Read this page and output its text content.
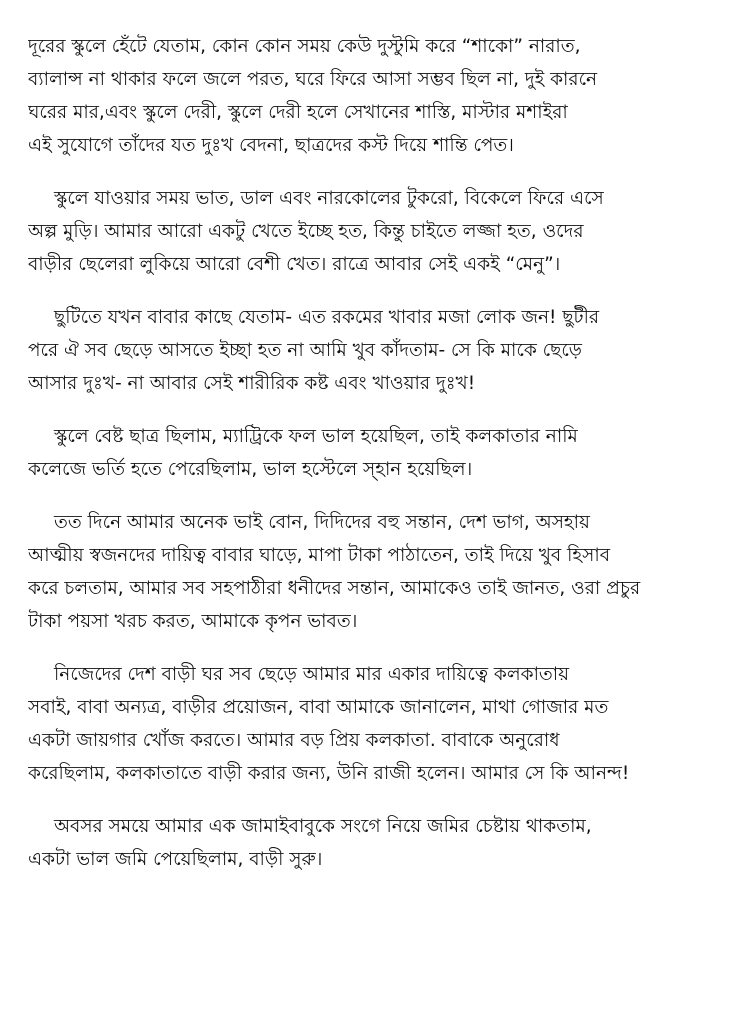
দূরের স্কুলে হেঁটে যেতাম, কোন কোন সময় কেউ দুস্টুমি করে “শাকো” নারাত,
ব্যালান্স না থাকার ফলে জলে পরত, ঘরে ফিরে আসা সম্ভব ছিল না, দুই কারনে
ঘরের মার,এবং স্কুলে দেরী, স্কুলে দেরী হলে সেখানের শাস্তি, মাস্টার মশাইরা
এই সুযোগে তাঁদের যত দুঃখ বেদনা, ছাত্রদের কস্ট দিয়ে শান্তি পেত।
স্কুলে যাওয়ার সময় ভাত, ডাল এবং নারকোলের টুকরো, বিকেলে ফিরে এসে
অল্প মুড়ি। আমার আরো একটু খেতে ইচ্ছে হত, কিন্তু চাইতে লজ্জা হত, ওদের
বাড়ীর ছেলেরা লুকিয়ে আরো বেশী খেত। রাত্রে আবার সেই একই “মেনু”।
ছুটিতে যখন বাবার কাছে যেতাম- এত রকমের খাবার মজা লোক জন! ছুটীর
পরে ঐ সব ছেড়ে আসতে ইচ্ছা হত না আমি খুব কাঁদতাম- সে কি মাকে ছেড়ে
আসার দুঃখ- না আবার সেই শারীরিক কষ্ট এবং খাওয়ার দুঃখ!
স্কুলে বেষ্ট ছাত্র ছিলাম, ম্যাট্রিকে ফল ভাল হয়েছিল, তাই কলকাতার নামি
কলেজে ভর্তি হতে পেরেছিলাম, ভাল হস্টেলে স্হান হয়েছিল।
তত দিনে আমার অনেক ভাই বোন, দিদিদের বহু সন্তান, দেশ ভাগ, অসহায়
আত্মীয় স্বজনদের দায়িত্ব বাবার ঘাড়ে, মাপা টাকা পাঠাতেন, তাই দিয়ে খুব হিসাব
করে চলতাম, আমার সব সহপাঠীরা ধনীদের সন্তান, আমাকেও তাই জানত, ওরা প্রচুর
টাকা পয়সা খরচ করত, আমাকে কৃপন ভাবত।
নিজেদের দেশ বাড়ী ঘর সব ছেড়ে আমার মার একার দায়িত্বে কলকাতায়
সবাই, বাবা অন্যত্র, বাড়ীর প্রয়োজন, বাবা আমাকে জানালেন, মাথা গোজার মত
একটা জায়গার খোঁজ করতে। আমার বড় প্রিয় কলকাতা. বাবাকে অনুরোধ
করেছিলাম, কলকাতাতে বাড়ী করার জন্য, উনি রাজী হলেন। আমার সে কি আনন্দ!
অবসর সময়ে আমার এক জামাইবাবুকে সংগে নিয়ে জমির চেষ্টায় থাকতাম,
একটা ভাল জমি পেয়েছিলাম, বাড়ী সুরু।
